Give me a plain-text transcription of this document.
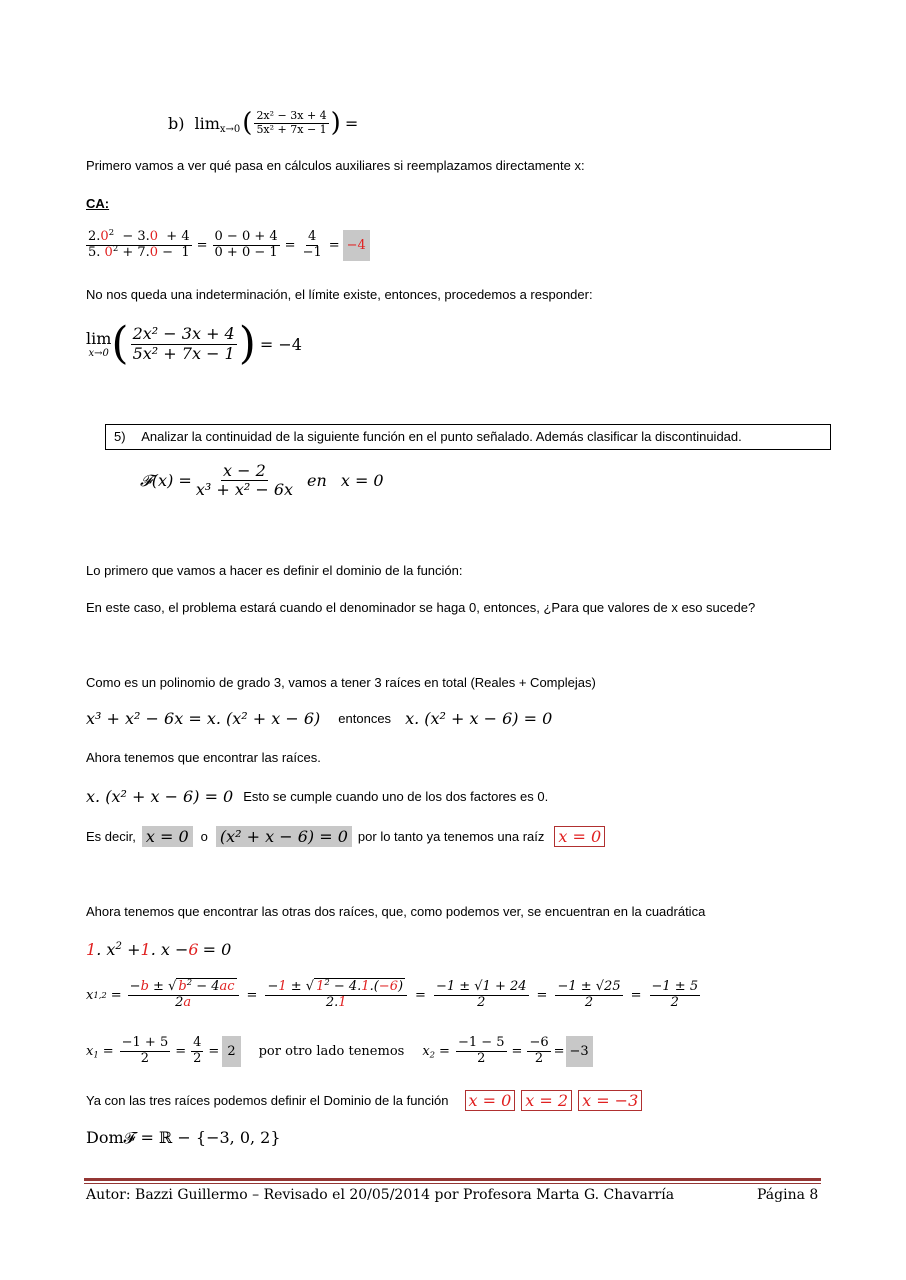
b) $\lim_{x\to 0}$ ( $\frac{\text{2x² − 3x + 4}}{\text{5x² + 7x − 1}}$ ) =
Primero vamos a ver qué pasa en cálculos auxiliares si reemplazamos directamente x:
CA:
$\frac{2.0^2 - 3.0 + 4}{5. 0^2 + 7.0 - 1} = \frac{0 - 0 + 4}{0 + 0 - 1} = \frac{4}{-1} = -4$
No nos queda una indeterminación, el límite existe, entonces, procedemos a responder:
lim
x→0 ( $\frac{\text{2x² − 3x + 4}}{\text{5x² + 7x − 1}}$ ) = −4
5) Analizar la continuidad de la siguiente función en el punto señalado. Además clasificar la discontinuidad.
𝓕(x) = $\frac{x - 2}{\text{x³ + x² − 6x}}$ en x = 0
Lo primero que vamos a hacer es definir el dominio de la función:
En este caso, el problema estará cuando el denominador se haga 0, entonces, ¿Para que valores de x eso sucede?
Como es un polinomio de grado 3, vamos a tener 3 raíces en total (Reales + Complejas)
x³ + x² − 6x = x. (x² + x − 6) entonces x. (x² + x − 6) = 0
Ahora tenemos que encontrar las raíces.
x. (x² + x − 6) = 0 Esto se cumple cuando uno de los dos factores es 0.
Es decir, x = 0 o (x² + x − 6) = 0 por lo tanto ya tenemos una raíz x = 0
Ahora tenemos que encontrar las otras dos raíces, que, como podemos ver, se encuentran en la cuadrática
1 . $x^2 + 1$ . x − 6 = 0
x $1,2 = \frac{-b \pm √ b^2 - 4ac}{2a} = \frac{-1 \pm √ 1^2 - 4.1.(-6)}{2.1} = \frac{-1 \pm √1 + 24}{2} = \frac{-1 \pm √25}{2} = \frac{-1 \pm 5}{2}$
$x_1 = \frac{-1 + 5}{2} = \frac{4}{2} = 2$	por otro lado tenemos $x_2 = \frac{-1 - 5}{2} = \frac{-6}{2} = -3$
Ya con las tres raíces podemos definir el Dominio de la función x = 0 x = 2 x = −3
Dom𝓕 = ℝ − {−3, 0, 2}
Autor: Bazzi Guillermo – Revisado el 20/05/2014 por Profesora Marta G. Chavarría	Página 8
